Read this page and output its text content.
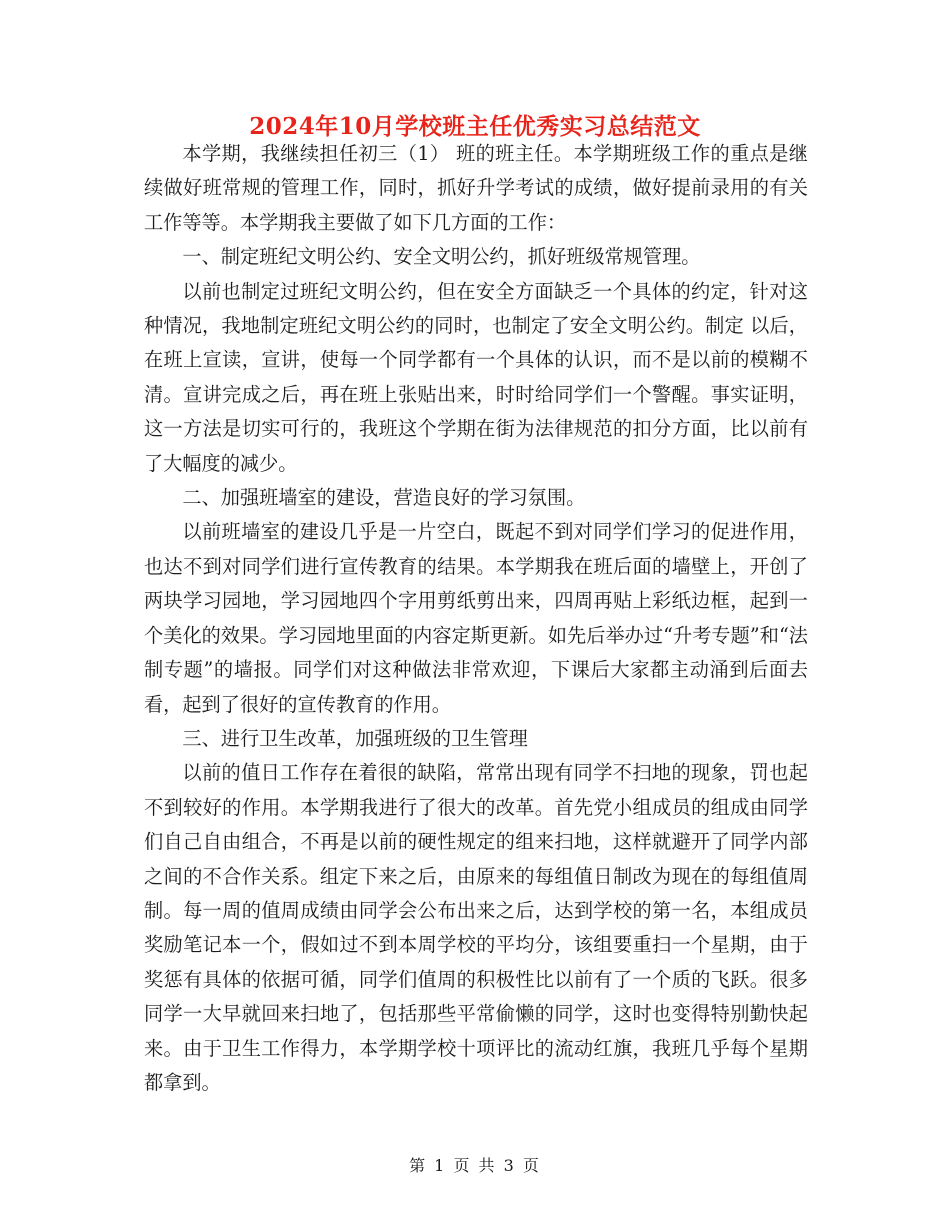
2024年10月学校班主任优秀实习总结范文

本学期，我继续担任初三（1） 班的班主任。本学期班级工作的重点是继续做好班常规的管理工作，同时，抓好升学考试的成绩，做好提前录用的有关工作等等。本学期我主要做了如下几方面的工作：

一、制定班纪文明公约、安全文明公约，抓好班级常规管理。

以前也制定过班纪文明公约，但在安全方面缺乏一个具体的约定，针对这种情况，我地制定班纪文明公约的同时，也制定了安全文明公约。制定 以后，在班上宣读，宣讲，使每一个同学都有一个具体的认识，而不是以前的模糊不清。宣讲完成之后，再在班上张贴出来，时时给同学们一个警醒。事实证明，这一方法是切实可行的，我班这个学期在街为法律规范的扣分方面，比以前有了大幅度的减少。

二、加强班墙室的建设，营造良好的学习氛围。

以前班墙室的建设几乎是一片空白，既起不到对同学们学习的促进作用，也达不到对同学们进行宣传教育的结果。本学期我在班后面的墙壁上，开创了两块学习园地，学习园地四个字用剪纸剪出来，四周再贴上彩纸边框，起到一个美化的效果。学习园地里面的内容定斯更新。如先后举办过“升考专题”和“法制专题”的墙报。同学们对这种做法非常欢迎，下课后大家都主动涌到后面去看，起到了很好的宣传教育的作用。

三、进行卫生改革，加强班级的卫生管理

以前的值日工作存在着很的缺陷，常常出现有同学不扫地的现象，罚也起不到较好的作用。本学期我进行了很大的改革。首先党小组成员的组成由同学们自己自由组合，不再是以前的硬性规定的组来扫地，这样就避开了同学内部之间的不合作关系。组定下来之后，由原来的每组值日制改为现在的每组值周制。每一周的值周成绩由同学会公布出来之后，达到学校的第一名，本组成员奖励笔记本一个，假如过不到本周学校的平均分，该组要重扫一个星期，由于奖惩有具体的依据可循，同学们值周的积极性比以前有了一个质的飞跃。很多同学一大早就回来扫地了，包括那些平常偷懒的同学，这时也变得特别勤快起来。由于卫生工作得力，本学期学校十项评比的流动红旗，我班几乎每个星期都拿到。

第 1 页 共 3 页
